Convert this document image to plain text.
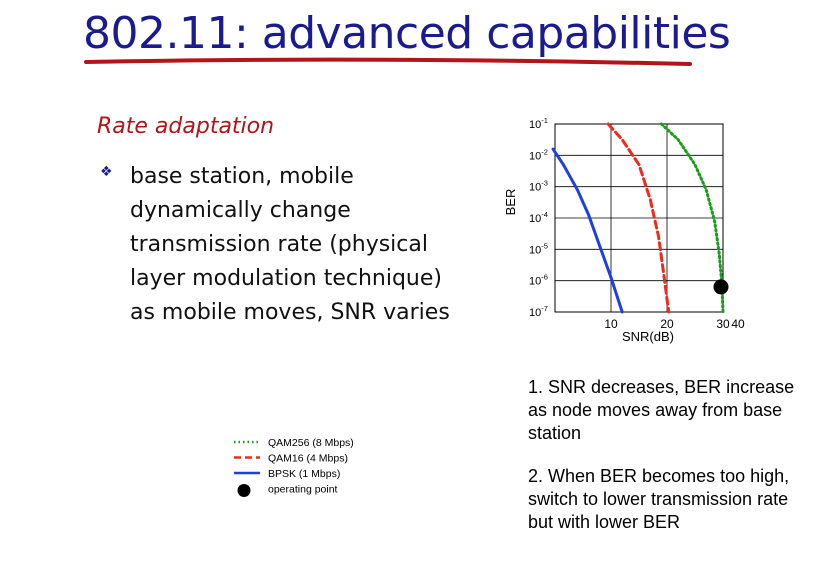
802.11: advanced capabilities
Rate adaptation
❖ base station, mobile dynamically change transmission rate (physical layer modulation technique) as mobile moves, SNR varies

$10^{-1}$
$10^{-2}$
$10^{-3}$
$10^{-4}$
$10^{-5}$
$10^{-6}$
$10^{-7}$
10	20	30 40
BER
SNR(dB)
QAM256 (8 Mbps)
QAM16 (4 Mbps)
BPSK (1 Mbps)
operating point

1. SNR decreases, BER increase as node moves away from base station

2. When BER becomes too high, switch to lower transmission rate but with lower BER
